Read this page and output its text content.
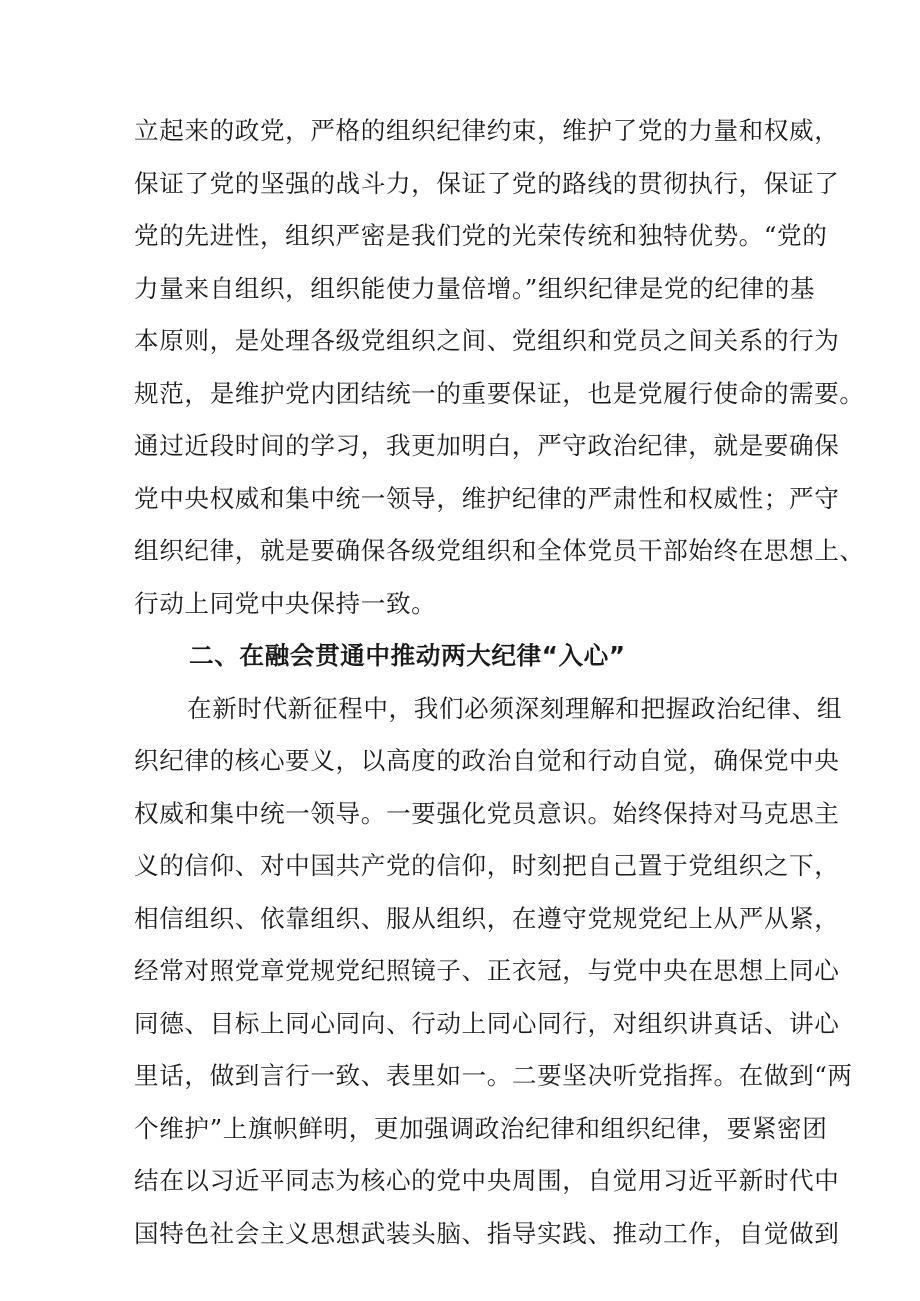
立起来的政党，严格的组织纪律约束，维护了党的力量和权威，
保证了党的坚强的战斗力，保证了党的路线的贯彻执行，保证了
党的先进性，组织严密是我们党的光荣传统和独特优势。“党的
力量来自组织，组织能使力量倍增。”组织纪律是党的纪律的基
本原则，是处理各级党组织之间、党组织和党员之间关系的行为
规范，是维护党内团结统一的重要保证，也是党履行使命的需要。
通过近段时间的学习，我更加明白，严守政治纪律，就是要确保
党中央权威和集中统一领导，维护纪律的严肃性和权威性；严守
组织纪律，就是要确保各级党组织和全体党员干部始终在思想上、
行动上同党中央保持一致。
二、在融会贯通中推动两大纪律“入心”
在新时代新征程中，我们必须深刻理解和把握政治纪律、组
织纪律的核心要义，以高度的政治自觉和行动自觉，确保党中央
权威和集中统一领导。一要强化党员意识。始终保持对马克思主
义的信仰、对中国共产党的信仰，时刻把自己置于党组织之下，
相信组织、依靠组织、服从组织，在遵守党规党纪上从严从紧，
经常对照党章党规党纪照镜子、正衣冠，与党中央在思想上同心
同德、目标上同心同向、行动上同心同行，对组织讲真话、讲心
里话，做到言行一致、表里如一。二要坚决听党指挥。在做到“两
个维护”上旗帜鲜明，更加强调政治纪律和组织纪律，要紧密团
结在以习近平同志为核心的党中央周围，自觉用习近平新时代中
国特色社会主义思想武装头脑、指导实践、推动工作，自觉做到
